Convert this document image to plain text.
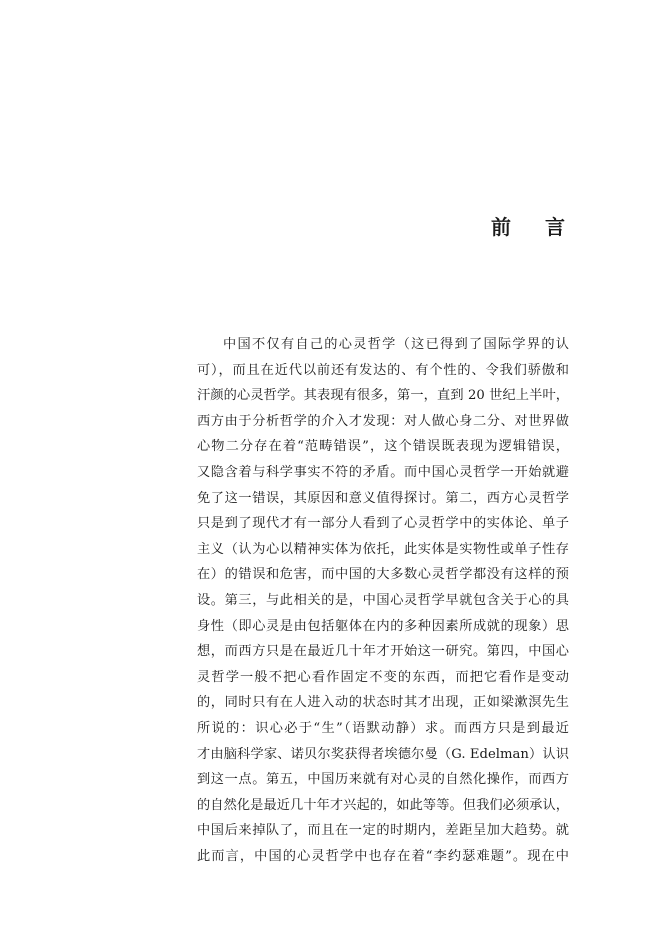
前 言
中国不仅有自己的心灵哲学（这已得到了国际学界的认
可），而且在近代以前还有发达的、有个性的、令我们骄傲和
汗颜的心灵哲学。其表现有很多，第一，直到 20 世纪上半叶，
西方由于分析哲学的介入才发现：对人做心身二分、对世界做
心物二分存在着“范畴错误”，这个错误既表现为逻辑错误，
又隐含着与科学事实不符的矛盾。而中国心灵哲学一开始就避
免了这一错误，其原因和意义值得探讨。第二，西方心灵哲学
只是到了现代才有一部分人看到了心灵哲学中的实体论、单子
主义（认为心以精神实体为依托，此实体是实物性或单子性存
在）的错误和危害，而中国的大多数心灵哲学都没有这样的预
设。第三，与此相关的是，中国心灵哲学早就包含关于心的具
身性（即心灵是由包括躯体在内的多种因素所成就的现象）思
想，而西方只是在最近几十年才开始这一研究。第四，中国心
灵哲学一般不把心看作固定不变的东西，而把它看作是变动
的，同时只有在人进入动的状态时其才出现，正如梁漱溟先生
所说的：识心必于“生”（语默动静）求。而西方只是到最近
才由脑科学家、诺贝尔奖获得者埃德尔曼（G. Edelman）认识
到这一点。第五，中国历来就有对心灵的自然化操作，而西方
的自然化是最近几十年才兴起的，如此等等。但我们必须承认，
中国后来掉队了，而且在一定的时期内，差距呈加大趋势。就
此而言，中国的心灵哲学中也存在着“李约瑟难题”。现在中
